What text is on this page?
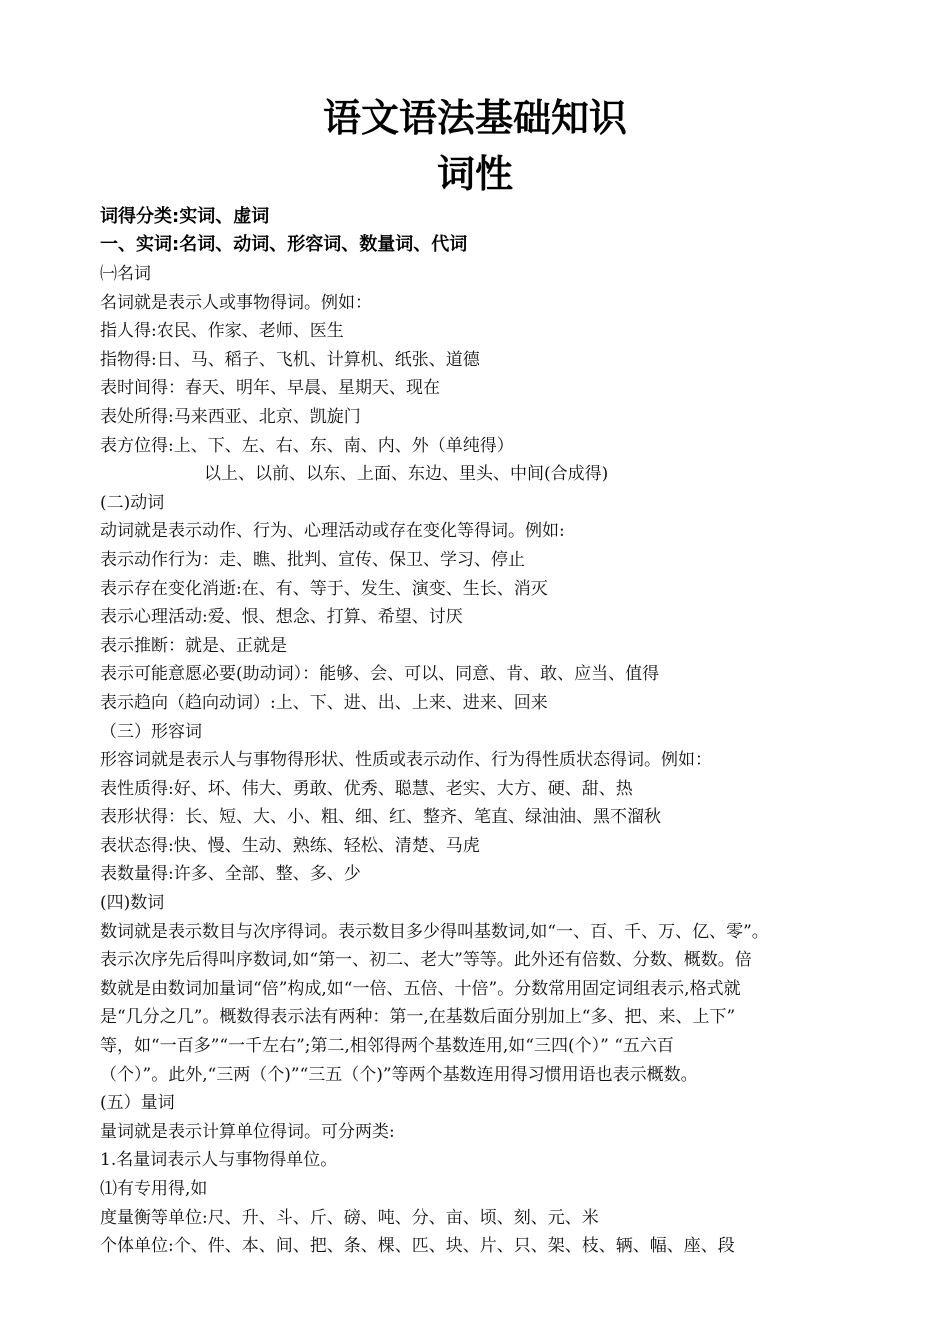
语文语法基础知识
词性
词得分类:实词、虚词
一、实词:名词、动词、形容词、数量词、代词
㈠名词
名词就是表示人或事物得词。例如：
指人得:农民、作家、老师、医生
指物得:日、马、稻子、飞机、计算机、纸张、道德
表时间得：春天、明年、早晨、星期天、现在
表处所得:马来西亚、北京、凯旋门
表方位得:上、下、左、右、东、南、内、外（单纯得）
以上、以前、以东、上面、东边、里头、中间(合成得)
(二)动词
动词就是表示动作、行为、心理活动或存在变化等得词。例如:
表示动作行为：走、瞧、批判、宣传、保卫、学习、停止
表示存在变化消逝:在、有、等于、发生、演变、生长、消灭
表示心理活动:爱、恨、想念、打算、希望、讨厌
表示推断：就是、正就是
表示可能意愿必要(助动词）：能够、会、可以、同意、肯、敢、应当、值得
表示趋向（趋向动词）:上、下、进、出、上来、进来、回来
（三）形容词
形容词就是表示人与事物得形状、性质或表示动作、行为得性质状态得词。例如：
表性质得:好、坏、伟大、勇敢、优秀、聪慧、老实、大方、硬、甜、热
表形状得：长、短、大、小、粗、细、红、整齐、笔直、绿油油、黑不溜秋
表状态得:快、慢、生动、熟练、轻松、清楚、马虎
表数量得:许多、全部、整、多、少
(四)数词
数词就是表示数目与次序得词。表示数目多少得叫基数词,如“一、百、千、万、亿、零”。
表示次序先后得叫序数词,如“第一、初二、老大”等等。此外还有倍数、分数、概数。倍
数就是由数词加量词“倍”构成,如“一倍、五倍、十倍”。分数常用固定词组表示,格式就
是“几分之几”。概数得表示法有两种：第一,在基数后面分别加上“多、把、来、上下”
等，如“一百多”“一千左右”;第二,相邻得两个基数连用,如“三四(个）” “五六百
（个）”。此外,“三两（个)”“三五（个)”等两个基数连用得习惯用语也表示概数。
(五）量词
量词就是表示计算单位得词。可分两类:
1.名量词表示人与事物得单位。
⑴有专用得,如
度量衡等单位:尺、升、斗、斤、磅、吨、分、亩、顷、刻、元、米
个体单位:个、件、本、间、把、条、棵、匹、块、片、只、架、枝、辆、幅、座、段
